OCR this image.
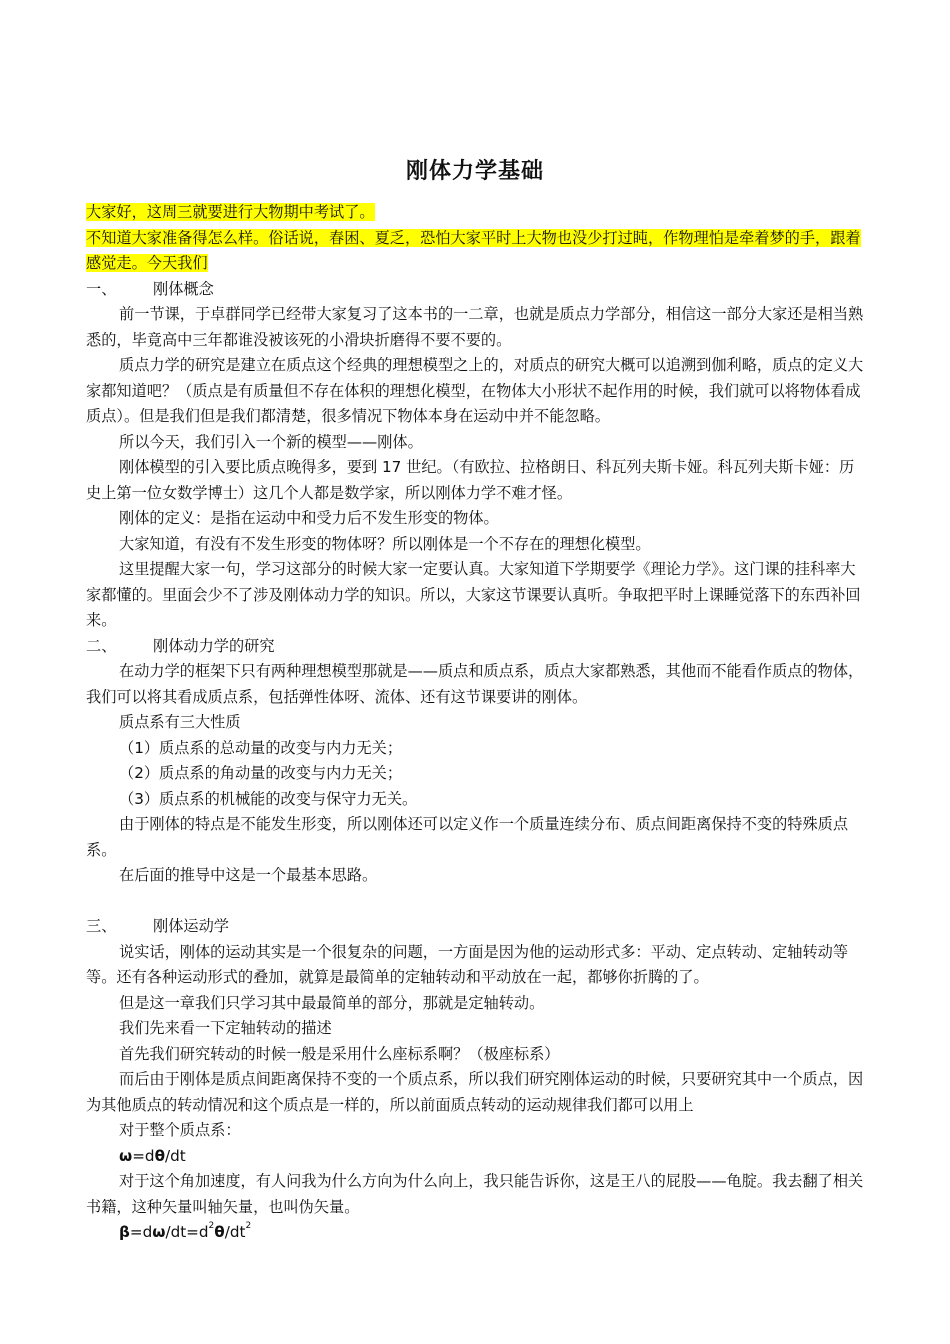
刚体力学基础

大家好，这周三就要进行大物期中考试了。

不知道大家准备得怎么样。俗话说，春困、夏乏，恐怕大家平时上大物也没少打过盹，作物理怕是牵着梦的手，跟着感觉走。今天我们

一、	刚体概念

前一节课，于卓群同学已经带大家复习了这本书的一二章，也就是质点力学部分，相信这一部分大家还是相当熟悉的，毕竟高中三年都谁没被该死的小滑块折磨得不要不要的。

质点力学的研究是建立在质点这个经典的理想模型之上的，对质点的研究大概可以追溯到伽利略，质点的定义大家都知道吧？（质点是有质量但不存在体积的理想化模型，在物体大小形状不起作用的时候，我们就可以将物体看成质点）。但是我们但是我们都清楚，很多情况下物体本身在运动中并不能忽略。

所以今天，我们引入一个新的模型——刚体。

刚体模型的引入要比质点晚得多，要到 17 世纪。（有欧拉、拉格朗日、科瓦列夫斯卡娅。科瓦列夫斯卡娅：历史上第一位女数学博士）这几个人都是数学家，所以刚体力学不难才怪。

刚体的定义：是指在运动中和受力后不发生形变的物体。

大家知道，有没有不发生形变的物体呀？所以刚体是一个不存在的理想化模型。

这里提醒大家一句，学习这部分的时候大家一定要认真。大家知道下学期要学《理论力学》。这门课的挂科率大家都懂的。里面会少不了涉及刚体动力学的知识。所以，大家这节课要认真听。争取把平时上课睡觉落下的东西补回来。

二、	刚体动力学的研究

在动力学的框架下只有两种理想模型那就是——质点和质点系，质点大家都熟悉，其他而不能看作质点的物体，我们可以将其看成质点系，包括弹性体呀、流体、还有这节课要讲的刚体。

质点系有三大性质

（1）质点系的总动量的改变与内力无关；

（2）质点系的角动量的改变与内力无关；

（3）质点系的机械能的改变与保守力无关。

由于刚体的特点是不能发生形变，所以刚体还可以定义作一个质量连续分布、质点间距离保持不变的特殊质点系。

在后面的推导中这是一个最基本思路。

三、	刚体运动学

说实话，刚体的运动其实是一个很复杂的问题，一方面是因为他的运动形式多：平动、定点转动、定轴转动等等。还有各种运动形式的叠加，就算是最简单的定轴转动和平动放在一起，都够你折腾的了。

但是这一章我们只学习其中最最简单的部分，那就是定轴转动。

我们先来看一下定轴转动的描述

首先我们研究转动的时候一般是采用什么座标系啊？（极座标系）

而后由于刚体是质点间距离保持不变的一个质点系，所以我们研究刚体运动的时候，只要研究其中一个质点，因为其他质点的转动情况和这个质点是一样的，所以前面质点转动的运动规律我们都可以用上

对于整个质点系：

ω=dθ/dt

对于这个角加速度，有人问我为什么方向为什么向上，我只能告诉你，这是王八的屁股——龟腚。我去翻了相关书籍，这种矢量叫轴矢量，也叫伪矢量。

$\beta=d\omega/dt=d^2\theta/dt^2$
